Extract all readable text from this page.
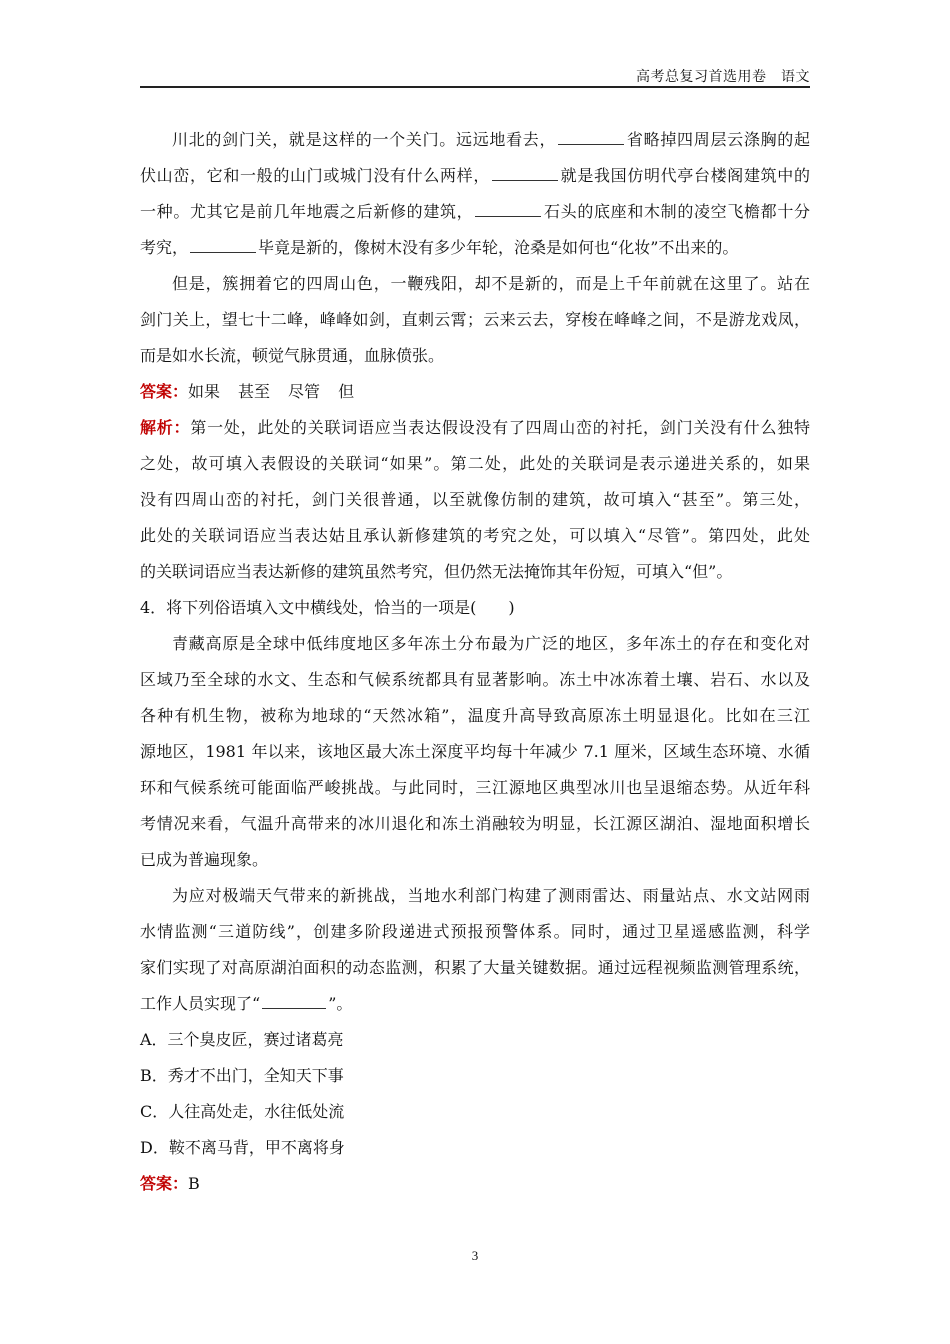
高考总复习首选用卷　语文
川北的剑门关，就是这样的一个关门。远远地看去，	省略掉四周层云涤胸的起
伏山峦，它和一般的山门或城门没有什么两样，	就是我国仿明代亭台楼阁建筑中的
一种。尤其它是前几年地震之后新修的建筑，	石头的底座和木制的凌空飞檐都十分
考究，	毕竟是新的，像树木没有多少年轮，沧桑是如何也“化妆”不出来的。
但是，簇拥着它的四周山色，一鞭残阳，却不是新的，而是上千年前就在这里了。站在
剑门关上，望七十二峰，峰峰如剑，直刺云霄；云来云去，穿梭在峰峰之间，不是游龙戏凤，
而是如水长流，顿觉气脉贯通，血脉偾张。
答案：如果 甚至 尽管 但
解析：第一处，此处的关联词语应当表达假设没有了四周山峦的衬托，剑门关没有什么独特
之处，故可填入表假设的关联词“如果”。第二处，此处的关联词是表示递进关系的，如果
没有四周山峦的衬托，剑门关很普通，以至就像仿制的建筑，故可填入“甚至”。第三处，
此处的关联词语应当表达姑且承认新修建筑的考究之处，可以填入“尽管”。第四处，此处
的关联词语应当表达新修的建筑虽然考究，但仍然无法掩饰其年份短，可填入“但”。
4．将下列俗语填入文中横线处，恰当的一项是(　　)
青藏高原是全球中低纬度地区多年冻土分布最为广泛的地区，多年冻土的存在和变化对
区域乃至全球的水文、生态和气候系统都具有显著影响。冻土中冰冻着土壤、岩石、水以及
各种有机生物，被称为地球的“天然冰箱”，温度升高导致高原冻土明显退化。比如在三江
源地区，1981 年以来，该地区最大冻土深度平均每十年减少 7.1 厘米，区域生态环境、水循
环和气候系统可能面临严峻挑战。与此同时，三江源地区典型冰川也呈退缩态势。从近年科
考情况来看，气温升高带来的冰川退化和冻土消融较为明显，长江源区湖泊、湿地面积增长
已成为普遍现象。
为应对极端天气带来的新挑战，当地水利部门构建了测雨雷达、雨量站点、水文站网雨
水情监测“三道防线”，创建多阶段递进式预报预警体系。同时，通过卫星遥感监测，科学
家们实现了对高原湖泊面积的动态监测，积累了大量关键数据。通过远程视频监测管理系统，
工作人员实现了“	”。
A．三个臭皮匠，赛过诸葛亮
B．秀才不出门，全知天下事
C．人往高处走，水往低处流
D．鞍不离马背，甲不离将身
答案：B
3
